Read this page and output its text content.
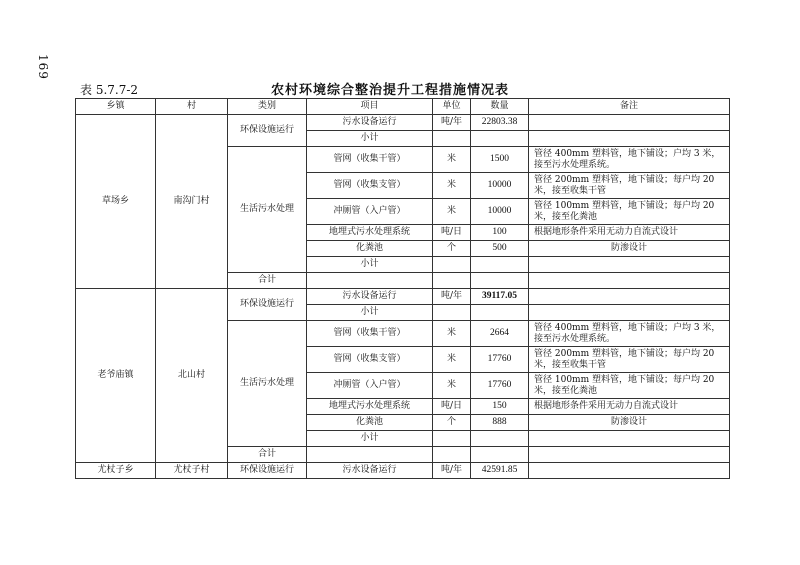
169
表 5.7.7-2	农村环境综合整治提升工程措施情况表
乡镇	村	类别	项目	单位	数量	备注
草场乡	南沟门村	环保设施运行	污水设备运行	吨/年	22803.38	
			小计			
		生活污水处理	管网（收集干管）	米	1500	管径 400mm 塑料管，地下铺设；户均 3 米，接至污水处理系统。
			管网（收集支管）	米	10000	管径 200mm 塑料管，地下铺设；每户均 20 米，接至收集干管
			冲厕管（入户管）	米	10000	管径 100mm 塑料管，地下铺设；每户均 20 米，接至化粪池
			地埋式污水处理系统	吨/日	100	根据地形条件采用无动力自流式设计
			化粪池	个	500	防渗设计
			小计			
		合计				
老爷庙镇	北山村	环保设施运行	污水设备运行	吨/年	39117.05	
			小计			
		生活污水处理	管网（收集干管）	米	2664	管径 400mm 塑料管，地下铺设；户均 3 米，接至污水处理系统。
			管网（收集支管）	米	17760	管径 200mm 塑料管，地下铺设；每户均 20 米，接至收集干管
			冲厕管（入户管）	米	17760	管径 100mm 塑料管，地下铺设；每户均 20 米，接至化粪池
			地埋式污水处理系统	吨/日	150	根据地形条件采用无动力自流式设计
			化粪池	个	888	防渗设计
			小计			
		合计				
尤杖子乡	尤杖子村	环保设施运行	污水设备运行	吨/年	42591.85	
